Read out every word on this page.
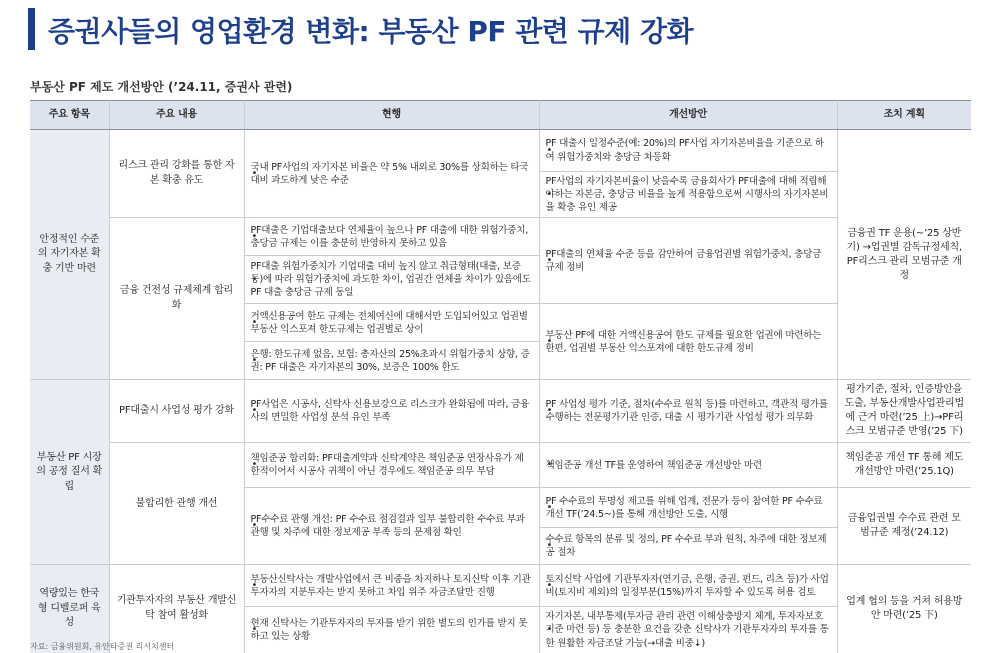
증권사들의 영업환경 변화: 부동산 PF 관련 규제 강화
부동산 PF 제도 개선방안 (’24.11, 증권사 관련)
주요 항목	주요 내용	현행	개선방안	조치 계획
안정적인 수준의 자기자본 확충 기반 마련	리스크 관리 강화를 통한 자본 확충 유도	• 국내 PF사업의 자기자본 비율은 약 5% 내외로 30%를 상회하는 타국 대비 과도하게 낮은 수준	• PF 대출시 일정수준(예: 20%)의 PF사업 자기자본비율을 기준으로 하여 위험가중치와 충당금 차등화	금융권 TF 운용(~’25 상반기) →업권별 감독규정세칙, PF리스크 관리 모범규준 개정
			• PF사업의 자기자본비율이 낮을수록 금융회사가 PF대출에 대해 적립해야하는 자본금, 충당금 비율을 높게 적용함으로써 시행사의 자기자본비율 확충 유인 제공
	금융 건전성 규제체계 합리화	• PF대출은 기업대출보다 연체율이 높으나 PF 대출에 대한 위험가중치, 충당금 규제는 이를 충분히 반영하지 못하고 있음	• PF대출의 연체율 수준 등을 감안하여 금융업권별 위험가중치, 충당금 규제 정비
		• PF대출 위험가중치가 기업대출 대비 높지 않고 취급형태(대출, 보증 등)에 따라 위험가중치에 과도한 차이, 업권간 연체율 차이가 있음에도 PF 대출 충당금 규제 동일
		• 거액신용공여 한도 규제는 전체여신에 대해서만 도입되어있고 업권별 부동산 익스포져 한도규제는 업권별로 상이	• 부동산 PF에 대한 거액신용공여 한도 규제를 필요한 업권에 마련하는 한편, 업권별 부동산 익스포져에 대한 한도규제 정비
		• 은행: 한도규제 없음, 보험: 총자산의 25%초과시 위험가중치 상향, 증권: PF 대출은 자기자본의 30%, 보증은 100% 한도
부동산 PF 시장의 공정 질서 확립	PF대출시 사업성 평가 강화	• PF사업은 시공사, 신탁사 신용보강으로 리스크가 완화됨에 따라, 금융사의 면밀한 사업성 분석 유인 부족	• PF 사업성 평가 기준, 절차(수수료 원칙 등)를 마련하고, 객관적 평가를 수행하는 전문평가기관 인증, 대출 시 평가기관 사업성 평가 의무화	평가기준, 절차, 인증방안을 도출, 부동산개발사업관리법에 근거 마련(’25 上)→PF리스크 모범규준 반영(’25 下)
	불합리한 관행 개선	• 책임준공 합리화: PF대출계약과 신탁계약은 책임준공 연장사유가 제한적이어서 시공사 귀책이 아닌 경우에도 책임준공 의무 부담	• 책임준공 개선 TF를 운영하여 책임준공 개선방안 마련	책임준공 개선 TF 통해 제도 개선방안 마련(’25.1Q)
		• PF수수료 관행 개선: PF 수수료 점검결과 일부 불합리한 수수료 부과관행 및 차주에 대한 정보제공 부족 등의 문제점 확인	• PF 수수료의 투명성 제고를 위해 업계, 전문가 등이 참여한 PF 수수료 개선 TF(’24.5~)를 통해 개선방안 도출, 시행	금융업권별 수수료 관련 모범규준 제정(’24.12)
			• 수수료 항목의 분류 및 정의, PF 수수료 부과 원칙, 차주에 대한 정보제공 절차
역량있는 한국형 디벨로퍼 육성	기관투자자의 부동산 개발신탁 참여 활성화	• 부동산신탁사는 개발사업에서 큰 비중을 차지하나 토지신탁 이후 기관투자자의 지분투자는 받지 못하고 차입 위주 자금조달만 진행	• 토지신탁 사업에 기관투자자(연기금, 은행, 증권, 펀드, 리츠 등)가 사업비(토지비 제외)의 일정부분(15%)까지 투자할 수 있도록 허용 검토	업계 협의 등을 거쳐 허용방안 마련(’25 下)
		• 현재 신탁사는 기관투자자의 투자를 받기 위한 별도의 인가를 받지 못하고 있는 상황	• 자기자본, 내부통제(투자금 관리 관련 이해상충방지 체계, 투자자보호 기준 마련 등) 등 충분한 요건을 갖춘 신탁사가 기관투자자의 투자를 통한 원활한 자금조달 가능(→대출 비중↓)
자료: 금융위원회, 유안타증권 리서치센터
